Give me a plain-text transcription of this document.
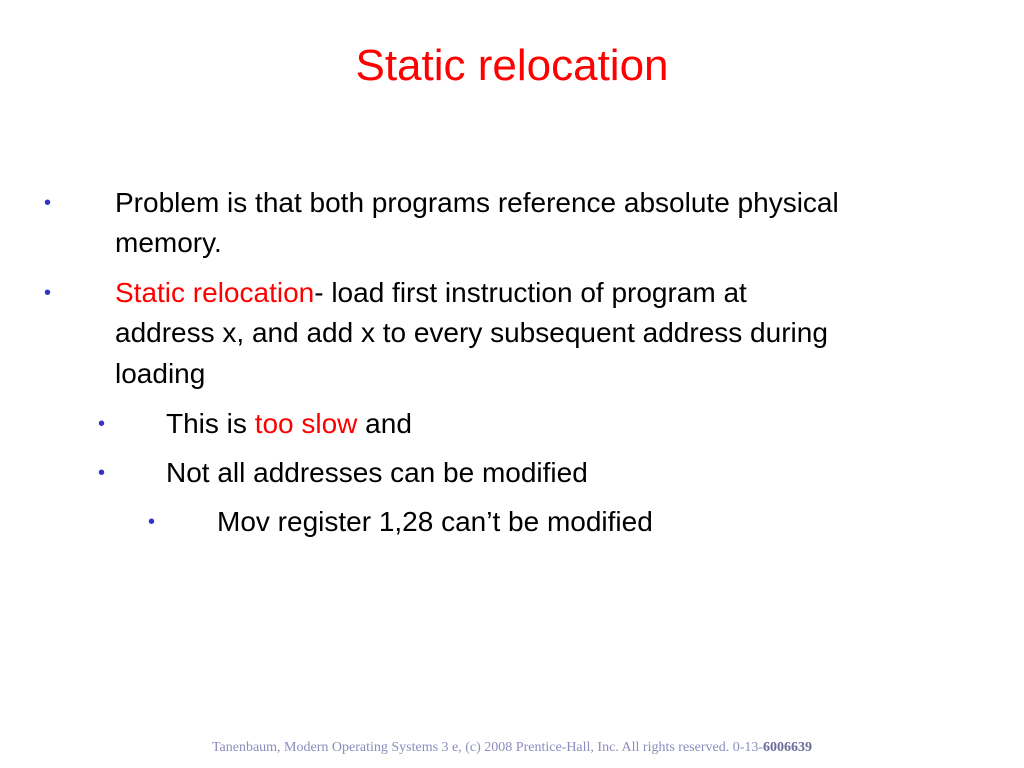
Static relocation
• Problem is that both programs reference absolute physical
memory.
• Static relocation- load first instruction of program at
address x, and add x to every subsequent address during
loading
• This is too slow and
• Not all addresses can be modified
• Mov register 1,28 can’t be modified
Tanenbaum, Modern Operating Systems 3 e, (c) 2008 Prentice-Hall, Inc. All rights reserved. 0-13-6006639
